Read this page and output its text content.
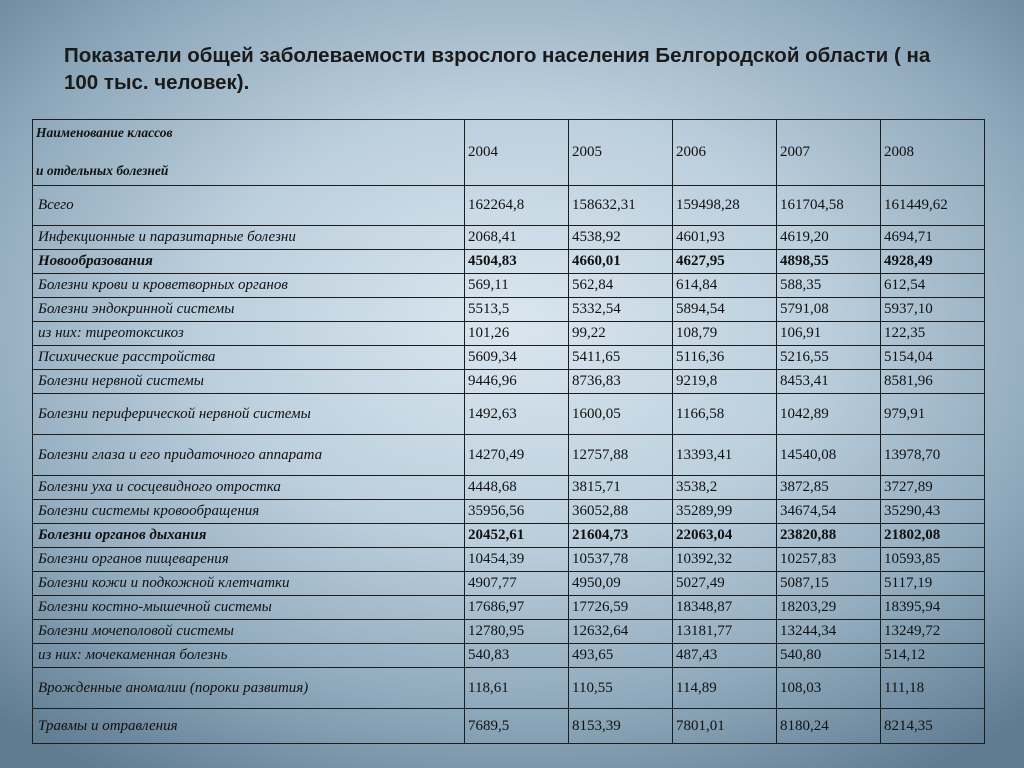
Показатели общей заболеваемости взрослого населения Белгородской области ( на 100 тыс. человек).
Наименование классов
и отдельных болезней	2004	2005	2006	2007	2008
Всего	162264,8	158632,31	159498,28	161704,58	161449,62
Инфекционные и паразитарные болезни	2068,41	4538,92	4601,93	4619,20	4694,71
Новообразования	4504,83	4660,01	4627,95	4898,55	4928,49
Болезни крови и кроветворных органов	569,11	562,84	614,84	588,35	612,54
Болезни эндокринной системы	5513,5	5332,54	5894,54	5791,08	5937,10
из них: тиреотоксикоз	101,26	99,22	108,79	106,91	122,35
Психические расстройства	5609,34	5411,65	5116,36	5216,55	5154,04
Болезни нервной системы	9446,96	8736,83	9219,8	8453,41	8581,96
Болезни периферической нервной системы	1492,63	1600,05	1166,58	1042,89	979,91
Болезни глаза и его придаточного аппарата	14270,49	12757,88	13393,41	14540,08	13978,70
Болезни уха и сосцевидного отростка	4448,68	3815,71	3538,2	3872,85	3727,89
Болезни системы кровообращения	35956,56	36052,88	35289,99	34674,54	35290,43
Болезни органов дыхания	20452,61	21604,73	22063,04	23820,88	21802,08
Болезни органов пищеварения	10454,39	10537,78	10392,32	10257,83	10593,85
Болезни кожи и подкожной клетчатки	4907,77	4950,09	5027,49	5087,15	5117,19
Болезни костно-мышечной системы	17686,97	17726,59	18348,87	18203,29	18395,94
Болезни мочеполовой системы	12780,95	12632,64	13181,77	13244,34	13249,72
из них: мочекаменная болезнь	540,83	493,65	487,43	540,80	514,12
Врожденные аномалии (пороки развития)	118,61	110,55	114,89	108,03	111,18
Травмы и отравления	7689,5	8153,39	7801,01	8180,24	8214,35
